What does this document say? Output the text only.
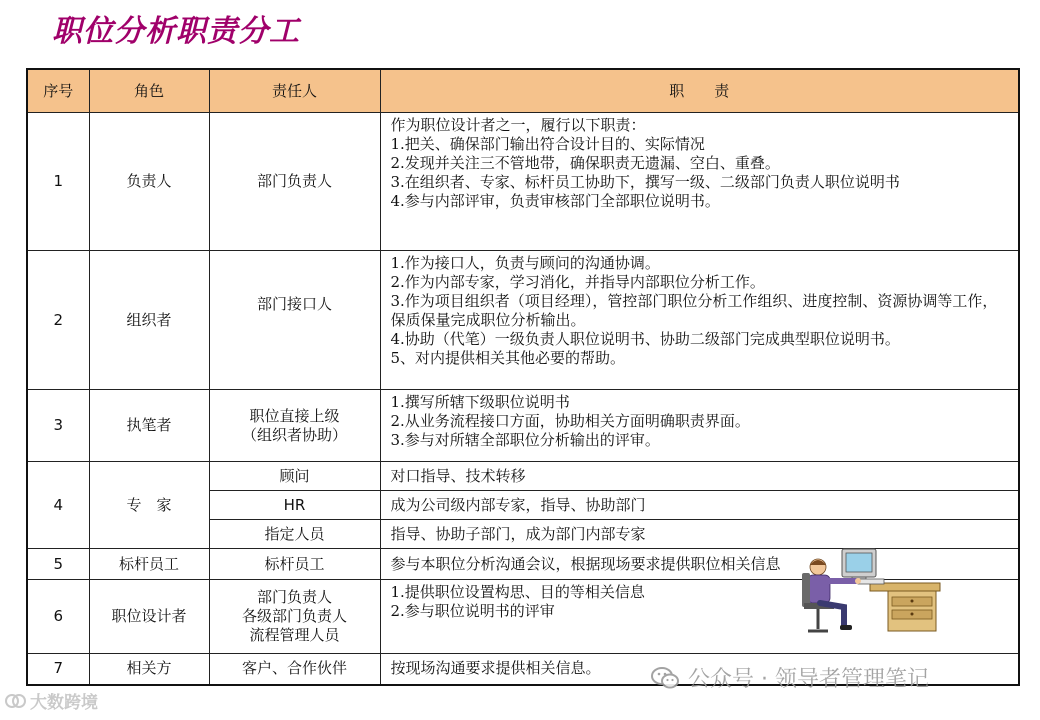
职位分析职责分工
序号	角色	责任人	职　　责
1	负责人	部门负责人	作为职位设计者之一，履行以下职责：
1.把关、确保部门输出符合设计目的、实际情况
2.发现并关注三不管地带，确保职责无遗漏、空白、重叠。
3.在组织者、专家、标杆员工协助下，撰写一级、二级部门负责人职位说明书
4.参与内部评审，负责审核部门全部职位说明书。

2	组织者	部门接口人	1.作为接口人，负责与顾问的沟通协调。
2.作为内部专家，学习消化，并指导内部职位分析工作。
3.作为项目组织者（项目经理），管控部门职位分析工作组织、进度控制、资源协调等工作，保质保量完成职位分析输出。
4.协助（代笔）一级负责人职位说明书、协助二级部门完成典型职位说明书。
5、对内提供相关其他必要的帮助。

3	执笔者	职位直接上级
（组织者协助）	1.撰写所辖下级职位说明书
2.从业务流程接口方面，协助相关方面明确职责界面。
3.参与对所辖全部职位分析输出的评审。

4	专　家	顾问	对口指导、技术转移
		HR	成为公司级内部专家，指导、协助部门
		指定人员	指导、协助子部门，成为部门内部专家
5	标杆员工	标杆员工	参与本职位分析沟通会议，根据现场要求提供职位相关信息
6	职位设计者	部门负责人
各级部门负责人
流程管理人员	1.提供职位设置构思、目的等相关信息
2.参与职位说明书的评审

7	相关方	客户、合作伙伴	按现场沟通要求提供相关信息。	公众号 · 领导者管理笔记
大数跨境
